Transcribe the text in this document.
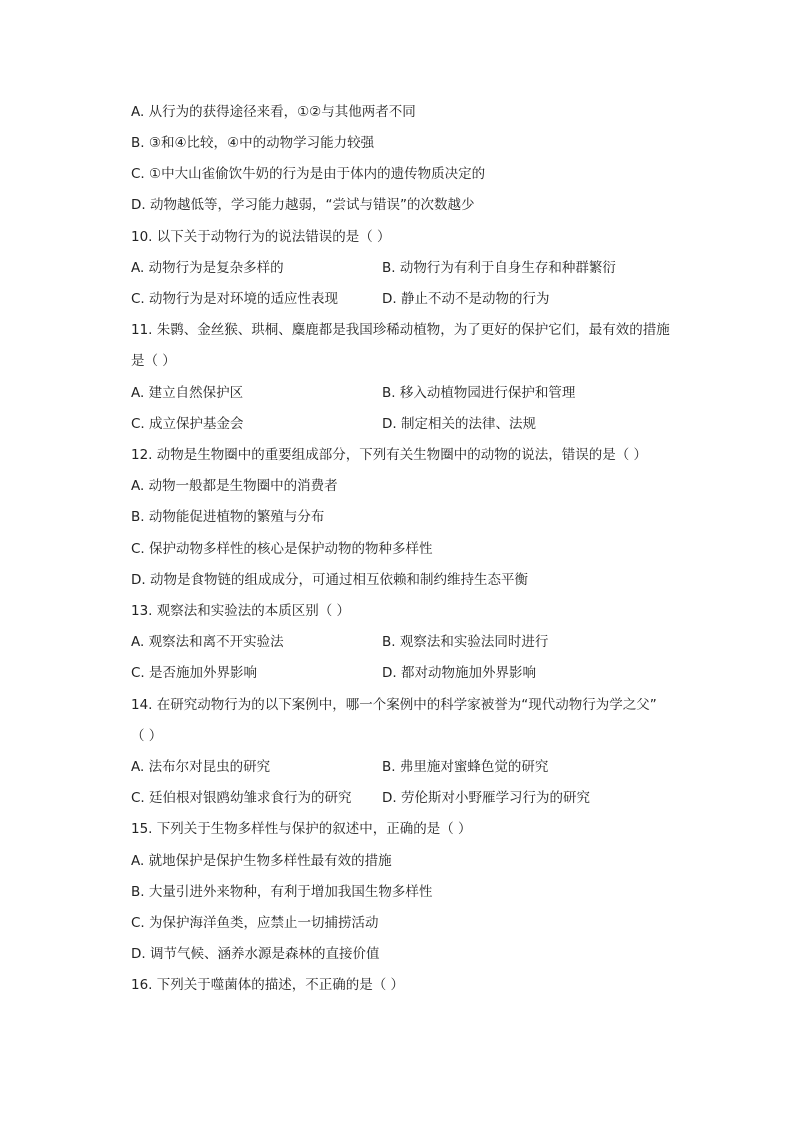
A. 从行为的获得途径来看，①②与其他两者不同
B. ③和④比较，④中的动物学习能力较强
C. ①中大山雀偷饮牛奶的行为是由于体内的遗传物质决定的
D. 动物越低等，学习能力越弱，“尝试与错误”的次数越少
10. 以下关于动物行为的说法错误的是（ ）
A. 动物行为是复杂多样的	B. 动物行为有利于自身生存和种群繁衍
C. 动物行为是对环境的适应性表现	D. 静止不动不是动物的行为
11. 朱鹮、金丝猴、珙桐、麋鹿都是我国珍稀动植物，为了更好的保护它们，最有效的措施
是（ ）
A. 建立自然保护区	B. 移入动植物园进行保护和管理
C. 成立保护基金会	D. 制定相关的法律、法规
12. 动物是生物圈中的重要组成部分，下列有关生物圈中的动物的说法，错误的是（ ）
A. 动物一般都是生物圈中的消费者
B. 动物能促进植物的繁殖与分布
C. 保护动物多样性的核心是保护动物的物种多样性
D. 动物是食物链的组成成分，可通过相互依赖和制约维持生态平衡
13. 观察法和实验法的本质区别（ ）
A. 观察法和离不开实验法	B. 观察法和实验法同时进行
C. 是否施加外界影响	D. 都对动物施加外界影响
14. 在研究动物行为的以下案例中，哪一个案例中的科学家被誉为“现代动物行为学之父”
（ ）
A. 法布尔对昆虫的研究	B. 弗里施对蜜蜂色觉的研究
C. 廷伯根对银鸥幼雏求食行为的研究 D. 劳伦斯对小野雁学习行为的研究
15. 下列关于生物多样性与保护的叙述中，正确的是（ ）
A. 就地保护是保护生物多样性最有效的措施
B. 大量引进外来物种，有利于增加我国生物多样性
C. 为保护海洋鱼类，应禁止一切捕捞活动
D. 调节气候、涵养水源是森林的直接价值
16. 下列关于噬菌体的描述，不正确的是（ ）
